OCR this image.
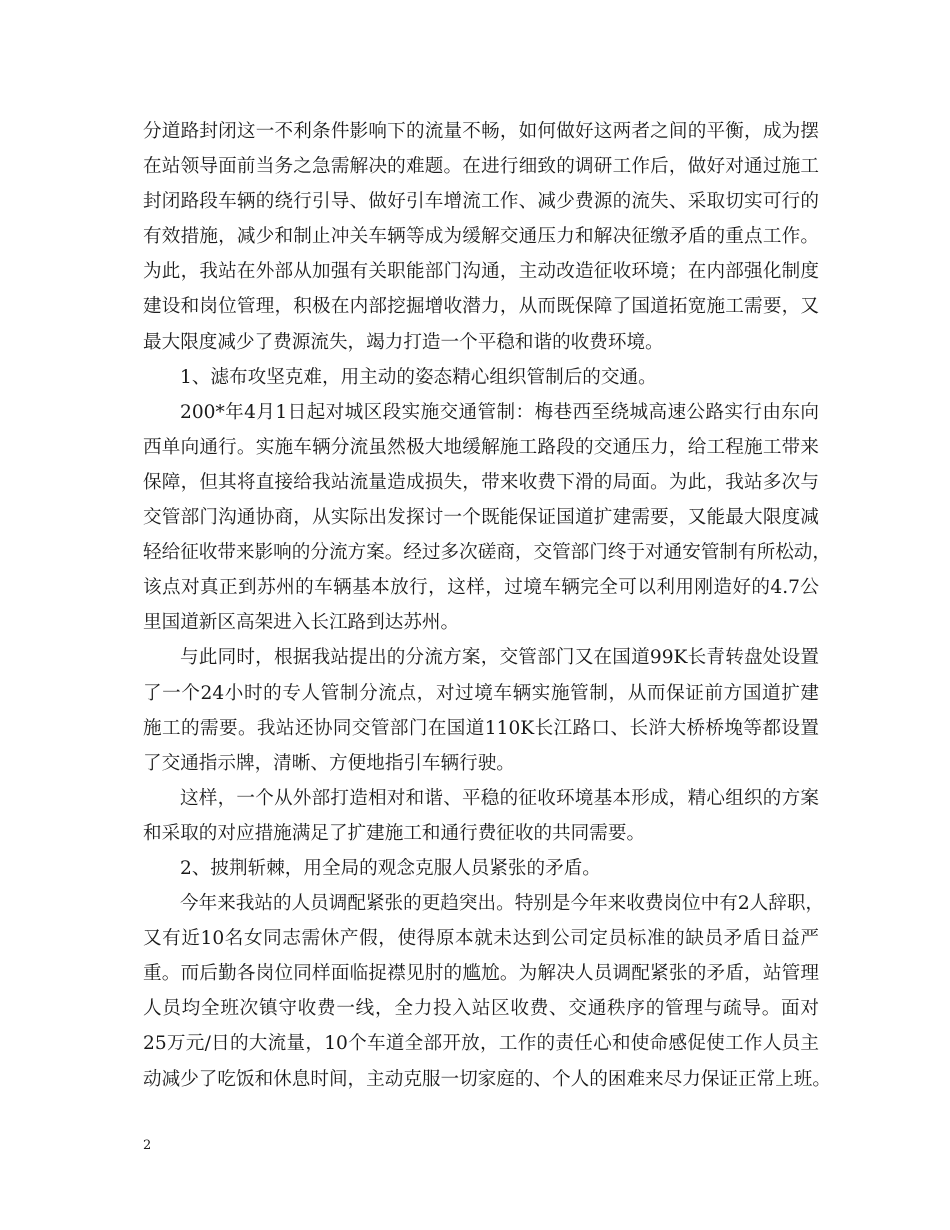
分道路封闭这一不利条件影响下的流量不畅，如何做好这两者之间的平衡，成为摆
在站领导面前当务之急需解决的难题。在进行细致的调研工作后，做好对通过施工
封闭路段车辆的绕行引导、做好引车增流工作、减少费源的流失、采取切实可行的
有效措施，减少和制止冲关车辆等成为缓解交通压力和解决征缴矛盾的重点工作。
为此，我站在外部从加强有关职能部门沟通，主动改造征收环境；在内部强化制度
建设和岗位管理，积极在内部挖掘增收潜力，从而既保障了国道拓宽施工需要，又
最大限度减少了费源流失，竭力打造一个平稳和谐的收费环境。
1、滤布攻坚克难，用主动的姿态精心组织管制后的交通。
200*年4月1日起对城区段实施交通管制：梅巷西至绕城高速公路实行由东向
西单向通行。实施车辆分流虽然极大地缓解施工路段的交通压力，给工程施工带来
保障，但其将直接给我站流量造成损失，带来收费下滑的局面。为此，我站多次与
交管部门沟通协商，从实际出发探讨一个既能保证国道扩建需要，又能最大限度减
轻给征收带来影响的分流方案。经过多次磋商，交管部门终于对通安管制有所松动，
该点对真正到苏州的车辆基本放行，这样，过境车辆完全可以利用刚造好的4.7公
里国道新区高架进入长江路到达苏州。
与此同时，根据我站提出的分流方案，交管部门又在国道99K长青转盘处设置
了一个24小时的专人管制分流点，对过境车辆实施管制，从而保证前方国道扩建
施工的需要。我站还协同交管部门在国道110K长江路口、长浒大桥桥堍等都设置
了交通指示牌，清晰、方便地指引车辆行驶。
这样，一个从外部打造相对和谐、平稳的征收环境基本形成，精心组织的方案
和采取的对应措施满足了扩建施工和通行费征收的共同需要。
2、披荆斩棘，用全局的观念克服人员紧张的矛盾。
今年来我站的人员调配紧张的更趋突出。特别是今年来收费岗位中有2人辞职，
又有近10名女同志需休产假，使得原本就未达到公司定员标准的缺员矛盾日益严
重。而后勤各岗位同样面临捉襟见肘的尴尬。为解决人员调配紧张的矛盾，站管理
人员均全班次镇守收费一线，全力投入站区收费、交通秩序的管理与疏导。面对
25万元/日的大流量，10个车道全部开放，工作的责任心和使命感促使工作人员主
动减少了吃饭和休息时间，主动克服一切家庭的、个人的困难来尽力保证正常上班。
2
